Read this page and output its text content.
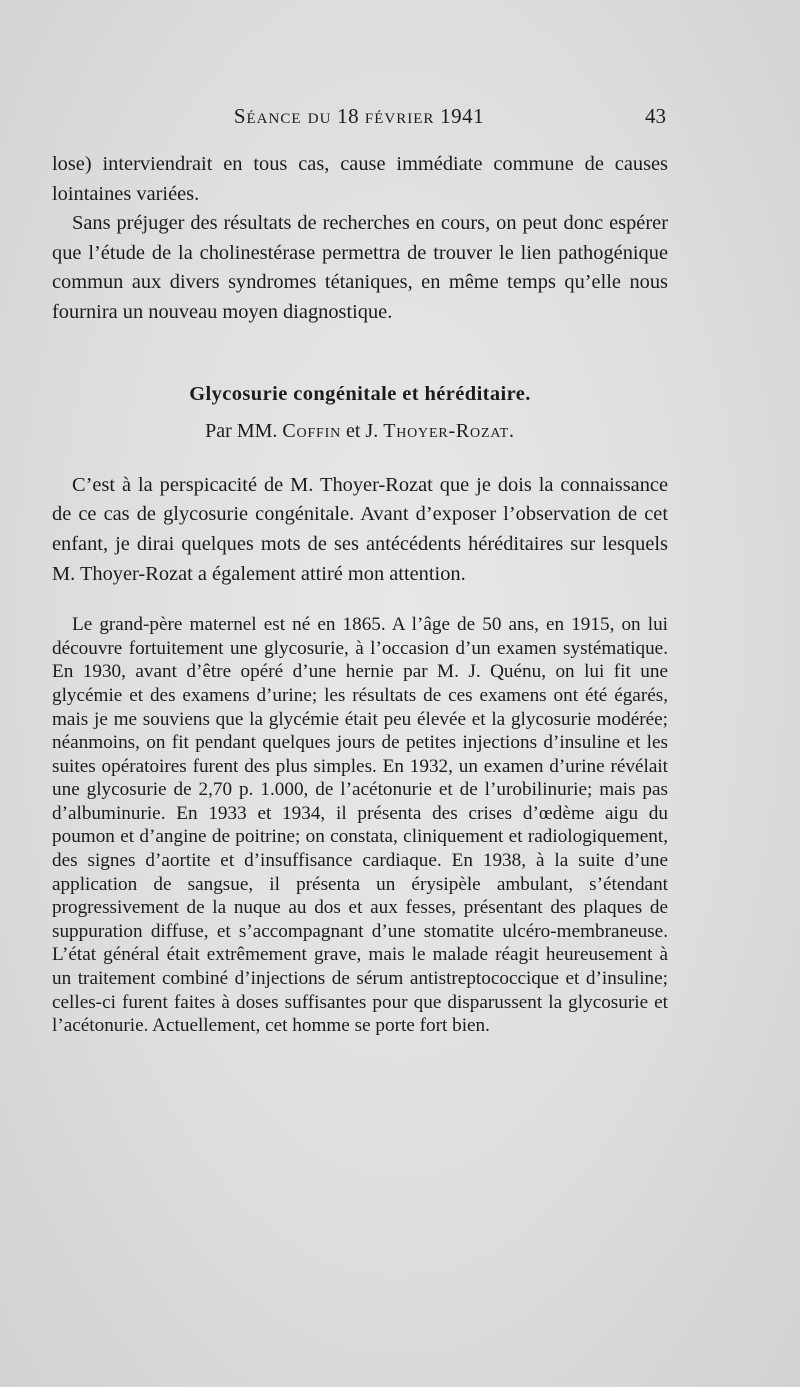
Séance du 18 février 1941	43

lose) interviendrait en tous cas, cause immédiate commune de causes lointaines variées.

Sans préjuger des résultats de recherches en cours, on peut donc espérer que l’étude de la cholinestérase permettra de trouver le lien pathogénique commun aux divers syndromes tétaniques, en même temps qu’elle nous fournira un nouveau moyen diagnostique.

Glycosurie congénitale et héréditaire.

Par MM. Coffin et J. Thoyer-Rozat.

C’est à la perspicacité de M. Thoyer-Rozat que je dois la connaissance de ce cas de glycosurie congénitale. Avant d’exposer l’observation de cet enfant, je dirai quelques mots de ses antécédents héréditaires sur lesquels M. Thoyer-Rozat a également attiré mon attention.

Le grand-père maternel est né en 1865. A l’âge de 50 ans, en 1915, on lui découvre fortuitement une glycosurie, à l’occasion d’un examen systématique. En 1930, avant d’être opéré d’une hernie par M. J. Quénu, on lui fit une glycémie et des examens d’urine; les résultats de ces examens ont été égarés, mais je me souviens que la glycémie était peu élevée et la glycosurie modérée; néanmoins, on fit pendant quelques jours de petites injections d’insuline et les suites opératoires furent des plus simples. En 1932, un examen d’urine révélait une glycosurie de 2,70 p. 1.000, de l’acétonurie et de l’urobilinurie; mais pas d’albuminurie. En 1933 et 1934, il présenta des crises d’œdème aigu du poumon et d’angine de poitrine; on constata, cliniquement et radiologiquement, des signes d’aortite et d’insuffisance cardiaque. En 1938, à la suite d’une application de sangsue, il présenta un érysipèle ambulant, s’étendant progressivement de la nuque au dos et aux fesses, présentant des plaques de suppuration diffuse, et s’accompagnant d’une stomatite ulcéro-membraneuse. L’état général était extrêmement grave, mais le malade réagit heureusement à un traitement combiné d’injections de sérum antistreptococcique et d’insuline; celles-ci furent faites à doses suffisantes pour que disparussent la glycosurie et l’acétonurie. Actuellement, cet homme se porte fort bien.
